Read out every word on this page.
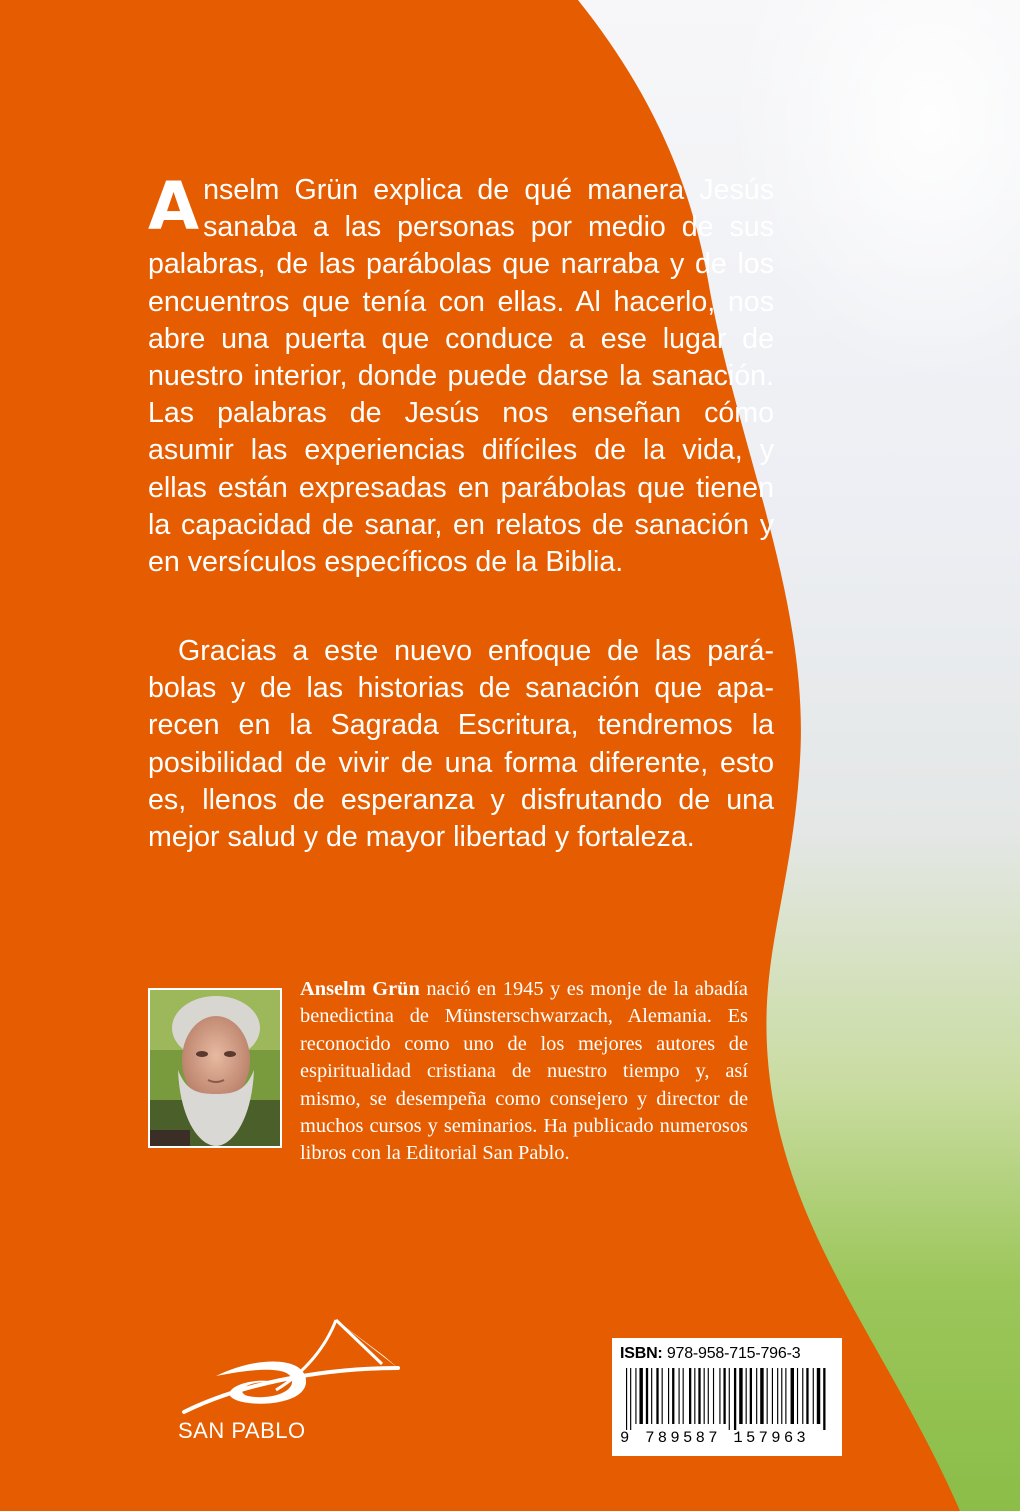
Anselm Grün explica de qué manera Jesús sanaba a las personas por medio de sus palabras, de las parábolas que narraba y de los encuentros que tenía con ellas. Al hacerlo, nos abre una puerta que conduce a ese lugar de nuestro interior, donde puede darse la sanación. Las palabras de Jesús nos enseñan cómo asumir las experiencias difíciles de la vida, y ellas están expresadas en parábolas que tienen la capacidad de sanar, en relatos de sanación y en versículos específicos de la Biblia.

Gracias a este nuevo enfoque de las parábolas y de las historias de sanación que aparecen en la Sagrada Escritura, tendremos la posibilidad de vivir de una forma diferente, esto es, llenos de esperanza y disfrutando de una mejor salud y de mayor libertad y fortaleza.

Anselm Grün nació en 1945 y es monje de la abadía benedictina de Münsterschwarzach, Alemania. Es reconocido como uno de los mejores autores de espiritualidad cristiana de nuestro tiempo y, así mismo, se desempeña como consejero y director de muchos cursos y seminarios. Ha publicado numerosos libros con la Editorial San Pablo.

SAN PABLO
ISBN: 978-958-715-796-3
9 789587 157963
